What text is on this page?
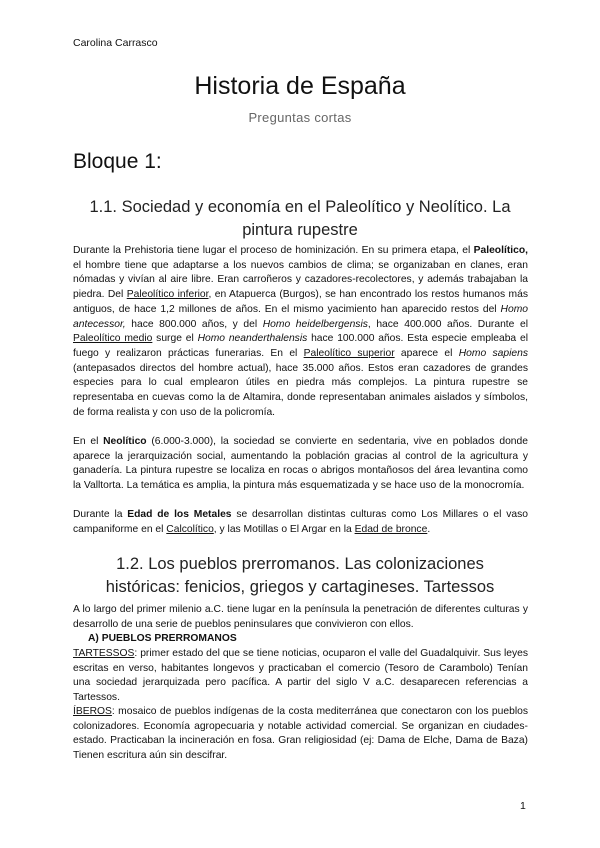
Carolina Carrasco
Historia de España
Preguntas cortas
Bloque 1:
1.1. Sociedad y economía en el Paleolítico y Neolítico. La pintura rupestre

Durante la Prehistoria tiene lugar el proceso de hominización. En su primera etapa, el Paleolítico, el hombre tiene que adaptarse a los nuevos cambios de clima; se organizaban en clanes, eran nómadas y vivían al aire libre. Eran carroñeros y cazadores-recolectores, y además trabajaban la piedra. Del Paleolítico inferior, en Atapuerca (Burgos), se han encontrado los restos humanos más antiguos, de hace 1,2 millones de años. En el mismo yacimiento han aparecido restos del Homo antecessor, hace 800.000 años, y del Homo heidelbergensis, hace 400.000 años. Durante el Paleolítico medio surge el Homo neanderthalensis hace 100.000 años. Esta especie empleaba el fuego y realizaron prácticas funerarias. En el Paleolítico superior aparece el Homo sapiens (antepasados directos del hombre actual), hace 35.000 años. Estos eran cazadores de grandes especies para lo cual emplearon útiles en piedra más complejos. La pintura rupestre se representaba en cuevas como la de Altamira, donde representaban animales aislados y símbolos, de forma realista y con uso de la policromía.

En el Neolítico (6.000-3.000), la sociedad se convierte en sedentaria, vive en poblados donde aparece la jerarquización social, aumentando la población gracias al control de la agricultura y ganadería. La pintura rupestre se localiza en rocas o abrigos montañosos del área levantina como la Valltorta. La temática es amplia, la pintura más esquematizada y se hace uso de la monocromía.

Durante la Edad de los Metales se desarrollan distintas culturas como Los Millares o el vaso campaniforme en el Calcolítico, y las Motillas o El Argar en la Edad de bronce.

1.2. Los pueblos prerromanos. Las colonizaciones históricas: fenicios, griegos y cartagineses. Tartessos

A lo largo del primer milenio a.C. tiene lugar en la península la penetración de diferentes culturas y desarrollo de una serie de pueblos peninsulares que convivieron con ellos.

A) PUEBLOS PRERROMANOS

TARTESSOS: primer estado del que se tiene noticias, ocuparon el valle del Guadalquivir. Sus leyes escritas en verso, habitantes longevos y practicaban el comercio (Tesoro de Carambolo) Tenían una sociedad jerarquizada pero pacífica. A partir del siglo V a.C. desaparecen referencias a Tartessos.

ÍBEROS: mosaico de pueblos indígenas de la costa mediterránea que conectaron con los pueblos colonizadores. Economía agropecuaria y notable actividad comercial. Se organizan en ciudades-estado. Practicaban la incineración en fosa. Gran religiosidad (ej: Dama de Elche, Dama de Baza) Tienen escritura aún sin descifrar.

1
